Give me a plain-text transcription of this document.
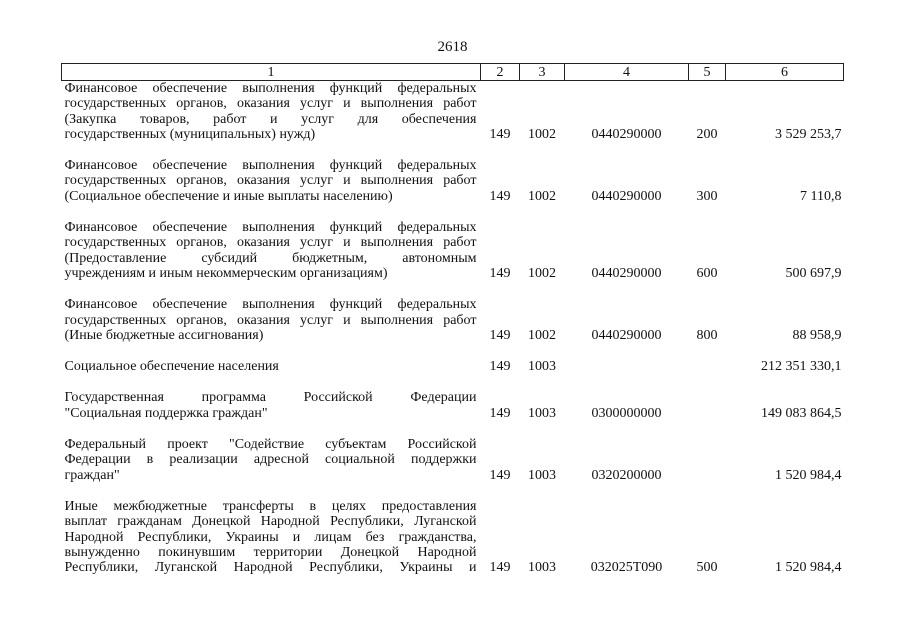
2618
1	2	3	4	5	6

Финансовое обеспечение выполнения функций федеральных
государственных органов, оказания услуг и выполнения работ
(Закупка товаров, работ и услуг для обеспечения
государственных (муниципальных) нужд)	149	1002	0440290000	200	3 529 253,7

Финансовое обеспечение выполнения функций федеральных
государственных органов, оказания услуг и выполнения работ
(Социальное обеспечение и иные выплаты населению)	149	1002	0440290000	300	7 110,8

Финансовое обеспечение выполнения функций федеральных
государственных органов, оказания услуг и выполнения работ
(Предоставление субсидий бюджетным, автономным
учреждениям и иным некоммерческим организациям)	149	1002	0440290000	600	500 697,9

Финансовое обеспечение выполнения функций федеральных
государственных органов, оказания услуг и выполнения работ
(Иные бюджетные ассигнования)	149	1002	0440290000	800	88 958,9

Социальное обеспечение населения	149	1003			212 351 330,1

Государственная программа Российской Федерации
"Социальная поддержка граждан"	149	1003	0300000000		149 083 864,5

Федеральный проект "Содействие субъектам Российской
Федерации в реализации адресной социальной поддержки
граждан"	149	1003	0320200000		1 520 984,4

Иные межбюджетные трансферты в целях предоставления
выплат гражданам Донецкой Народной Республики, Луганской
Народной Республики, Украины и лицам без гражданства,
вынужденно покинувшим территории Донецкой Народной
Республики, Луганской Народной Республики, Украины и	149	1003	032025Т090	500	1 520 984,4
